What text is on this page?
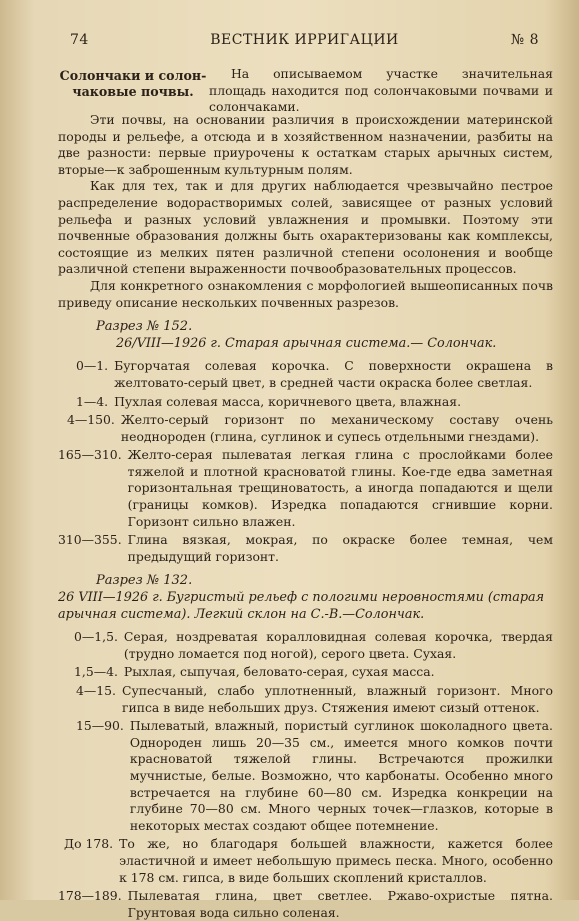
74	ВЕСТНИК ИРРИГАЦИИ	№ 8
Солончаки и солон-чаковые почвы.

На описываемом участке значительная площадь находится под солончаковыми почвами и солончаками.

Эти почвы, на основании различия в происхождении материнской породы и рельефе, а отсюда и в хозяйственном назначении, разбиты на две разности: первые приурочены к остаткам старых арычных систем, вторые—к заброшенным культурным полям.

Как для тех, так и для других наблюдается чрезвычайно пестрое распределение водорастворимых солей, зависящее от разных условий рельефа и разных условий увлажнения и промывки. Поэтому эти почвенные образования должны быть охарактеризованы как комплексы, состоящие из мелких пятен различной степени осолонения и вообще различной степени выраженности почвообразовательных процессов.

Для конкретного ознакомления с морфологией вышеописанных почв приведу описание нескольких почвенных разрезов.

Разрез № 152.
26/VIII—1926 г. Старая арычная система.— Солончак.
0—1. Бугорчатая солевая корочка. С поверхности окрашена в желтовато-серый цвет, в средней части окраска более светлая.
1—4. Пухлая солевая масса, коричневого цвета, влажная.
4—150. Желто-серый горизонт по механическому составу очень неоднороден (глина, суглинок и супесь отдельными гнездами).
165—310. Желто-серая пылеватая легкая глина с прослойками более тяжелой и плотной красноватой глины. Кое-где едва заметная горизонтальная трещиноватость, а иногда попадаются и щели (границы комков). Изредка попадаются сгнившие корни. Горизонт сильно влажен.
310—355. Глина вязкая, мокрая, по окраске более темная, чем предыдущий горизонт.
Разрез № 132.
26 VIII—1926 г. Бугристый рельеф с пологими неровностями (старая арычная система). Легкий склон на С.-В.—Солончак.
0—1,5. Серая, ноздреватая коралловидная солевая корочка, твердая (трудно ломается под ногой), серого цвета. Сухая.
1,5—4. Рыхлая, сыпучая, беловато-серая, сухая масса.
4—15. Супесчаный, слабо уплотненный, влажный горизонт. Много гипса в виде небольших друз. Стяжения имеют сизый оттенок.
15—90. Пылеватый, влажный, пористый суглинок шоколадного цвета. Однороден лишь 20—35 см., имеется много комков почти красноватой тяжелой глины. Встречаются прожилки мучнистые, белые. Возможно, что карбонаты. Особенно много встречается на глубине 60—80 см. Изредка конкреции на глубине 70—80 см. Много черных точек—глазков, которые в некоторых местах создают общее потемнение.
До 178. То же, но благодаря большей влажности, кажется более эластичной и имеет небольшую примесь песка. Много, особенно к 178 см. гипса, в виде больших скоплений кристаллов.
178—189. Пылеватая глина, цвет светлее. Ржаво-охристые пятна. Грунтовая вода сильно соленая.
